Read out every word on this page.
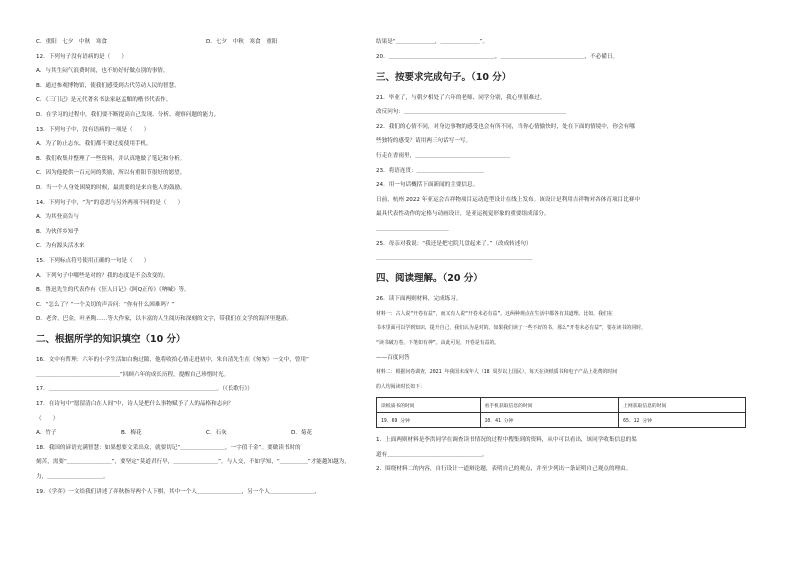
C．重阳　七夕　中秋　寒食	D．七夕　中秋　寒食　重阳
12．下列句子没有语病的是（　　）
A．与其生闷气浪费时间，也不妨好好做点别的事情。
B．通过参观博物馆，使我们感受到古代劳动人民的智慧。
C．《三门记》是元代著名书法家赵孟頫的楷书代表作。
D．在学习的过程中，我们要不断提高自己发现、分析、观察问题的能力。
13．下列句子中，没有语病的一项是（　　）
A．为了防止志东，我们都不要过度使用手机。
B．我们收集并整理了一些资料，并认真地做了笔记和分析。
C．因为他提供一百元问的奖励，所以有重阳节很好的愿望。
D．当一个人身处困境的时候，最需要的是来自他人的鼓励。
14．下列句子中，“为”的意思与另外两项不同的是（　　）
A．为其登高告与
B．为伙伴乡知乎
C．为有源头活水来
15．下列标点符号使用正确的一句是（　　）
A．下列句子中哪些是对的？我的态度是不会改变的。
B．鲁迅先生的代表作有《狂人日记》《阿Q正传》《呐喊》等。
C．“怎么了？”一个关切的声音问：“你有什么困难吗？”
D．老舍，巴金，叶圣陶……等大作家，以丰富的人生阅历和深刻的文字，带我们在文学的海洋里遨游。
二、根据所学的知识填空（10 分）
16．文中有哲理：六年的小学生活如白驹过隙，他将收拾心情走进初中，朱自清先生在《匆匆》一文中，曾用“
＿＿＿＿＿＿＿＿＿＿＿＿＿＿＿”回顾六年的成长历程，提醒自己珍惜时光。
17．＿＿＿＿＿＿＿＿＿＿＿＿＿＿＿＿＿＿＿＿＿＿＿＿＿＿＿＿＿＿。（《长歌行》）
17．在诗句中“愿留清白在人间”中，诗人是把什么事物赋予了人的品格和志向？
（　　）
A．竹子	B．梅花	C．石灰	D．菊花
18．我国的谚语充满智慧：如果想要文采出众，就要切记“＿＿＿＿＿＿＿＿，一字值千金”。要做读书时的
刻苦，需要“＿＿＿＿＿＿＿＿”，要坚定“莫道君行早，＿＿＿＿＿＿＿＿”。与人交，不如学知，“＿＿＿＿＿”才能越知越为，
力，＿＿＿＿＿＿＿＿＿＿。
19．《学弈》一文给我们讲述了弈秋指导两个人下棋，其中一个人＿＿＿＿＿＿＿＿，另一个人＿＿＿＿＿＿＿＿，
结果是“＿＿＿＿＿＿＿，＿＿＿＿＿＿＿”。
20．＿＿＿＿＿＿＿＿＿＿＿＿＿＿＿＿＿＿＿，＿＿＿＿＿＿＿＿＿＿＿＿＿＿＿，不必備日。
三、按要求完成句子。（10 分）
21．毕业了，与朝夕相处了六年的老师、同学分别，我心里很难过。
改反问句：＿＿＿＿＿＿＿＿＿＿＿＿＿＿＿＿＿＿＿＿＿＿＿＿＿＿＿＿＿
22．我们的心情不同，对身边事物的感受也会有所不同，当你心情愉快时，处在下面的情境中，你会有哪
些独特的感受？请用两三句话写一写。
行走在香雨里，＿＿＿＿＿＿＿＿＿＿＿＿＿＿＿＿＿
23．将语连贯：＿＿＿＿＿＿＿＿＿＿＿＿
24．用一句话概括下面新闻的主要信息。
日前，杭州 2022 年亚运会吉祥物项目运动造型设计在线上发布。该设计是利用吉祥物对各体育项目比赛中
最具代表性动作的定格与动画设计，是亚运视觉形象的重要组成部分。
＿＿＿＿＿＿＿＿＿＿＿＿＿
25．母亲对我说：“我还是把宅院儿盘起来了。”（改成转述句）
＿＿＿＿＿＿＿＿＿＿＿＿＿＿＿＿＿＿＿＿＿＿＿＿＿＿＿＿
四、阅读理解。（20 分）
26．读下面两则材料，完成练习。
材料一：古人说“开卷有益”，而又有人说“开卷未必有益”。这两种观点在生活中都各有其道理。比如，我们在
书本里面可以学到知识、提升自己，我们认为是对的。如果我们读了一些不好的书，那么“开卷未必有益”，要在读书的同时，
“读书破万卷，下笔如有神”。由此可见，开卷是有益的。
——百度问答
材料二：根据问卷调查，2021 年我国未成年人（18 周岁以上国民），每天在读纸质书和电子产品上花费的时间
的人均阅读时长如下：
读纸质书的时间	看手机获取信息的时间	上网获取信息的时间
19．69 分钟	10．41 分钟	65．12 分钟
1．上面两则材料是李洪同学在调查读书情况的过程中搜集到的资料，从中可以看出，该同学收集信息的渠
道有＿＿＿＿＿＿＿＿＿＿＿＿＿＿＿＿＿。
2．围绕材料二的内容，自行设计一道辩论题，表明自己的观点，并至少列出一条证明自己观点的理由。
